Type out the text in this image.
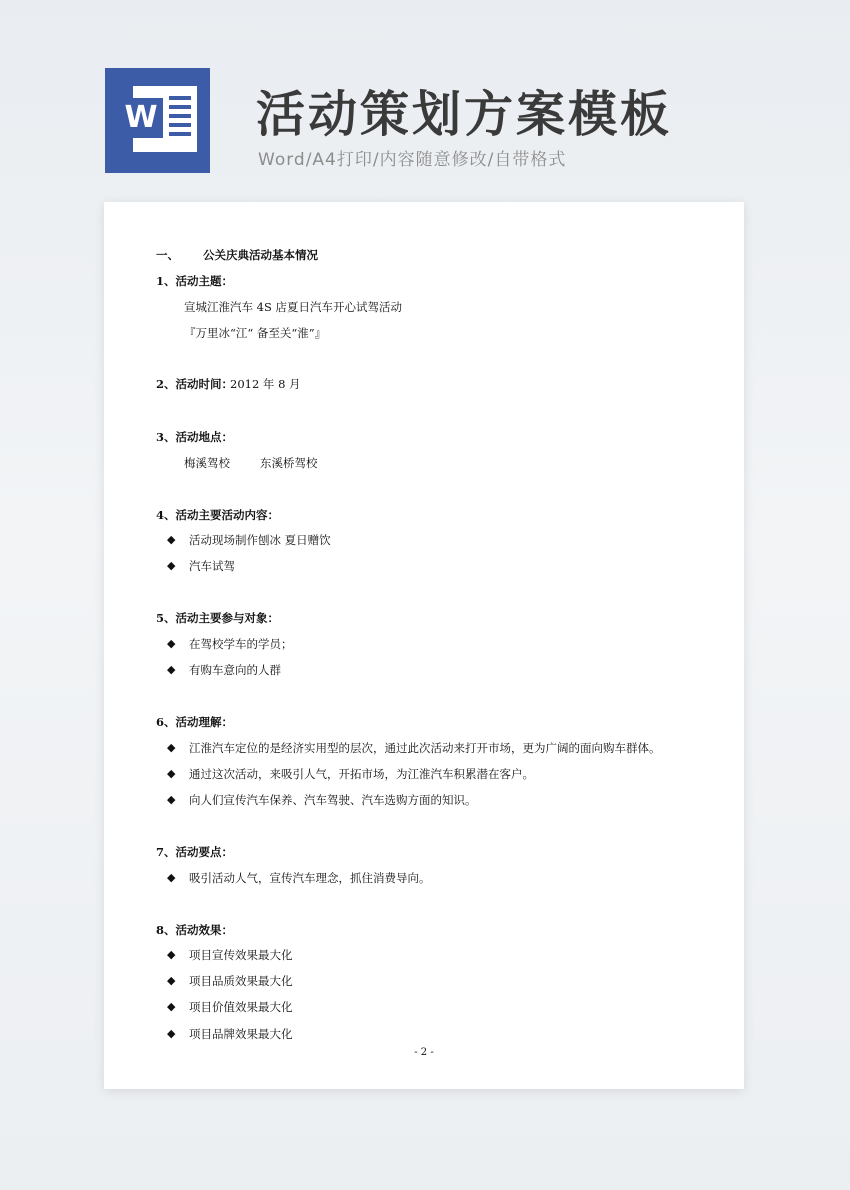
W 活动策划方案模板
Word/A4打印/内容随意修改/自带格式
一、 公关庆典活动基本情况
1、活动主题：
宣城江淮汽车 4S 店夏日汽车开心试驾活动
『万里冰“江“ 备至关“淮”』
2、活动时间：
2012 年 8 月
3、活动地点：
梅溪驾校	东溪桥驾校
4、活动主要活动内容：
◆ 活动现场制作刨冰 夏日赠饮
◆ 汽车试驾
5、活动主要参与对象：
◆ 在驾校学车的学员；
◆ 有购车意向的人群
6、活动理解：
◆ 江淮汽车定位的是经济实用型的层次，通过此次活动来打开市场，更为广阔的面向购车群体。
◆ 通过这次活动，来吸引人气，开拓市场，为江淮汽车积累潜在客户。
◆ 向人们宣传汽车保养、汽车驾驶、汽车选购方面的知识。
7、活动要点：
◆ 吸引活动人气，宣传汽车理念，抓住消费导向。
8、活动效果：
◆ 项目宣传效果最大化
◆ 项目品质效果最大化
◆ 项目价值效果最大化
◆ 项目品牌效果最大化
- 2 -
